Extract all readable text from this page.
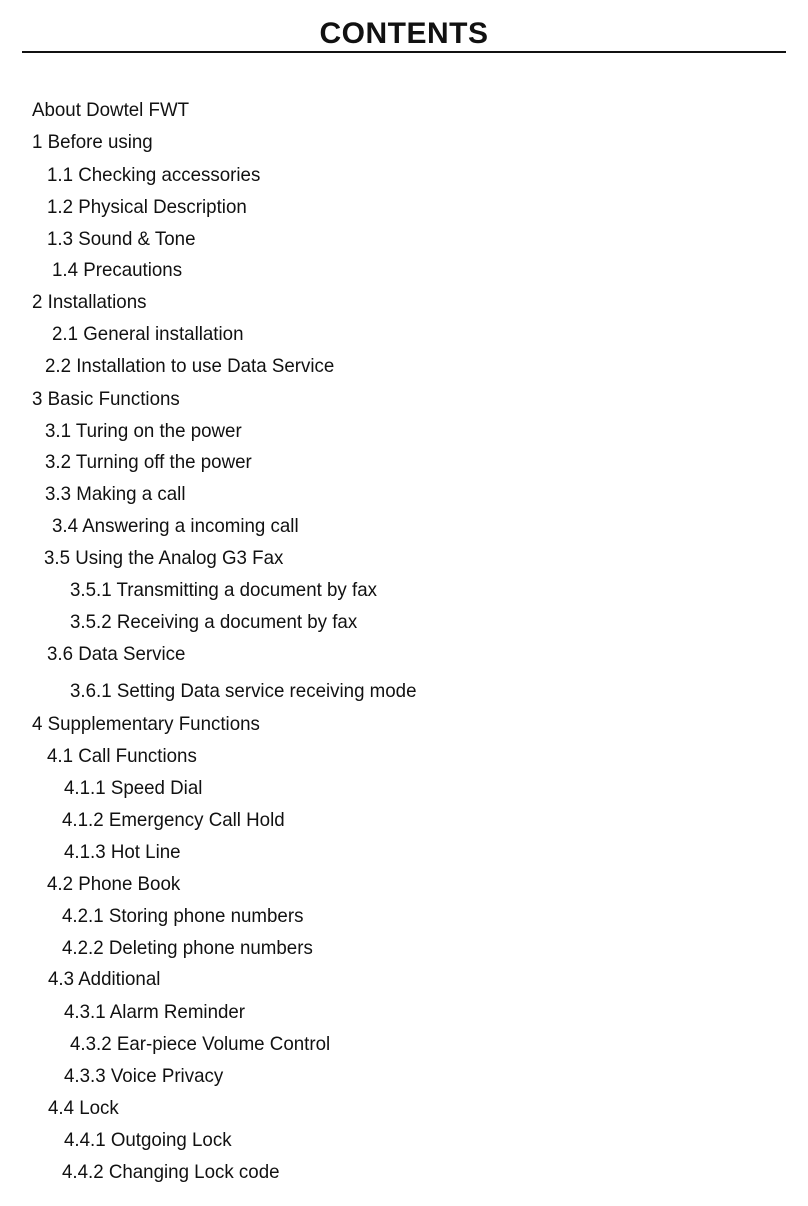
CONTENTS
About Dowtel FWT
1 Before using
1.1 Checking accessories
1.2 Physical Description
1.3 Sound & Tone
1.4 Precautions
2 Installations
2.1 General installation
2.2 Installation to use Data Service
3 Basic Functions
3.1 Turing on the power
3.2 Turning off the power
3.3 Making a call
3.4 Answering a incoming call
3.5 Using the Analog G3 Fax
3.5.1 Transmitting a document by fax
3.5.2 Receiving a document by fax
3.6 Data Service
3.6.1 Setting Data service receiving mode
4 Supplementary Functions
4.1 Call Functions
4.1.1 Speed Dial
4.1.2 Emergency Call Hold
4.1.3 Hot Line
4.2 Phone Book
4.2.1 Storing phone numbers
4.2.2 Deleting phone numbers
4.3 Additional
4.3.1 Alarm Reminder
4.3.2 Ear-piece Volume Control
4.3.3 Voice Privacy
4.4 Lock
4.4.1 Outgoing Lock
4.4.2 Changing Lock code
